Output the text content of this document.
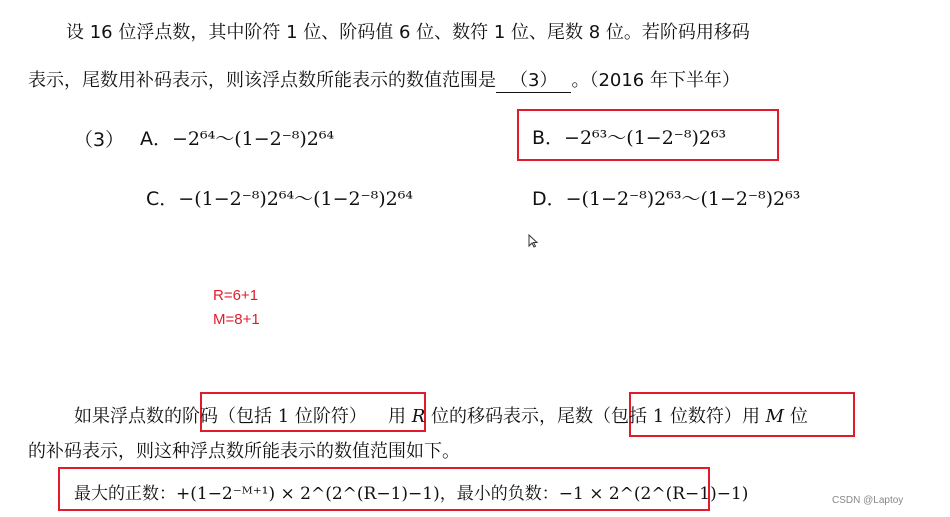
设 16 位浮点数，其中阶符 1 位、阶码值 6 位、数符 1 位、尾数 8 位。若阶码用移码
表示，尾数用补码表示，则该浮点数所能表示的数值范围是 （3） 。（2016 年下半年）
（3） A．−2⁶⁴～(1−2⁻⁸)2⁶⁴	B．−2⁶³～(1−2⁻⁸)2⁶³
C．−(1−2⁻⁸)2⁶⁴～(1−2⁻⁸)2⁶⁴	D．−(1−2⁻⁸)2⁶³～(1−2⁻⁸)2⁶³
R=6+1
M=8+1
如果浮点数的阶码（包括 1 位阶符） 用 R 位的移码表示，尾数（包括 1 位数符）用 M 位
的补码表示，则这种浮点数所能表示的数值范围如下。
最大的正数：+(1−2⁻ᴹ⁺¹) × 2^(2^(R−1)−1)，最小的负数：−1 × 2^(2^(R−1)−1)	CSDN @Laptoy
